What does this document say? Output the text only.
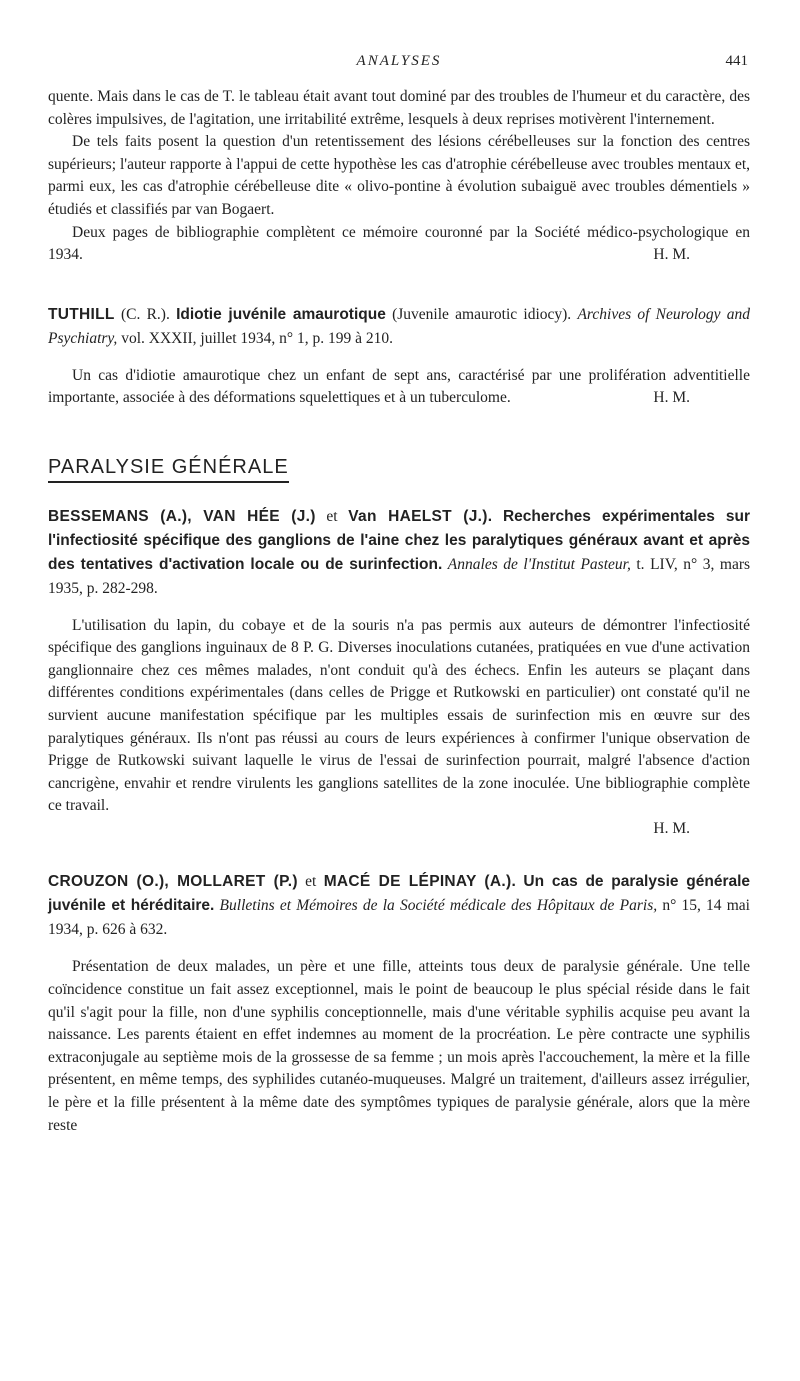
ANALYSES	441

quente. Mais dans le cas de T. le tableau était avant tout dominé par des troubles de l'humeur et du caractère, des colères impulsives, de l'agitation, une irritabilité extrême, lesquels à deux reprises motivèrent l'internement.

De tels faits posent la question d'un retentissement des lésions cérébelleuses sur la fonction des centres supérieurs; l'auteur rapporte à l'appui de cette hypothèse les cas d'atrophie cérébelleuse avec troubles mentaux et, parmi eux, les cas d'atrophie cérébelleuse dite « olivo-pontine à évolution subaiguë avec troubles démentiels » étudiés et classifiés par van Bogaert.

Deux pages de bibliographie complètent ce mémoire couronné par la Société médico-psychologique en 1934.	H. M.

TUTHILL (C. R.). Idiotie juvénile amaurotique (Juvenile amaurotic idiocy). Archives of Neurology and Psychiatry, vol. XXXII, juillet 1934, n° 1, p. 199 à 210.

Un cas d'idiotie amaurotique chez un enfant de sept ans, caractérisé par une prolifération adventitielle importante, associée à des déformations squelettiques et à un tuberculome.	H. M.

PARALYSIE GÉNÉRALE

BESSEMANS (A.), VAN HÉE (J.) et Van HAELST (J.). Recherches expérimentales sur l'infectiosité spécifique des ganglions de l'aine chez les paralytiques généraux avant et après des tentatives d'activation locale ou de surinfection. Annales de l'Institut Pasteur, t. LIV, n° 3, mars 1935, p. 282-298.

L'utilisation du lapin, du cobaye et de la souris n'a pas permis aux auteurs de démontrer l'infectiosité spécifique des ganglions inguinaux de 8 P. G. Diverses inoculations cutanées, pratiquées en vue d'une activation ganglionnaire chez ces mêmes malades, n'ont conduit qu'à des échecs. Enfin les auteurs se plaçant dans différentes conditions expérimentales (dans celles de Prigge et Rutkowski en particulier) ont constaté qu'il ne survient aucune manifestation spécifique par les multiples essais de surinfection mis en œuvre sur des paralytiques généraux. Ils n'ont pas réussi au cours de leurs expériences à confirmer l'unique observation de Prigge de Rutkowski suivant laquelle le virus de l'essai de surinfection pourrait, malgré l'absence d'action cancrigène, envahir et rendre virulents les ganglions satellites de la zone inoculée. Une bibliographie complète ce travail.

H. M.

CROUZON (O.), MOLLARET (P.) et MACÉ DE LÉPINAY (A.). Un cas de paralysie générale juvénile et héréditaire. Bulletins et Mémoires de la Société médicale des Hôpitaux de Paris, n° 15, 14 mai 1934, p. 626 à 632.

Présentation de deux malades, un père et une fille, atteints tous deux de paralysie générale. Une telle coïncidence constitue un fait assez exceptionnel, mais le point de beaucoup le plus spécial réside dans le fait qu'il s'agit pour la fille, non d'une syphilis conceptionnelle, mais d'une véritable syphilis acquise peu avant la naissance. Les parents étaient en effet indemnes au moment de la procréation. Le père contracte une syphilis extraconjugale au septième mois de la grossesse de sa femme ; un mois après l'accouchement, la mère et la fille présentent, en même temps, des syphilides cutanéo-muqueuses. Malgré un traitement, d'ailleurs assez irrégulier, le père et la fille présentent à la même date des symptômes typiques de paralysie générale, alors que la mère reste
